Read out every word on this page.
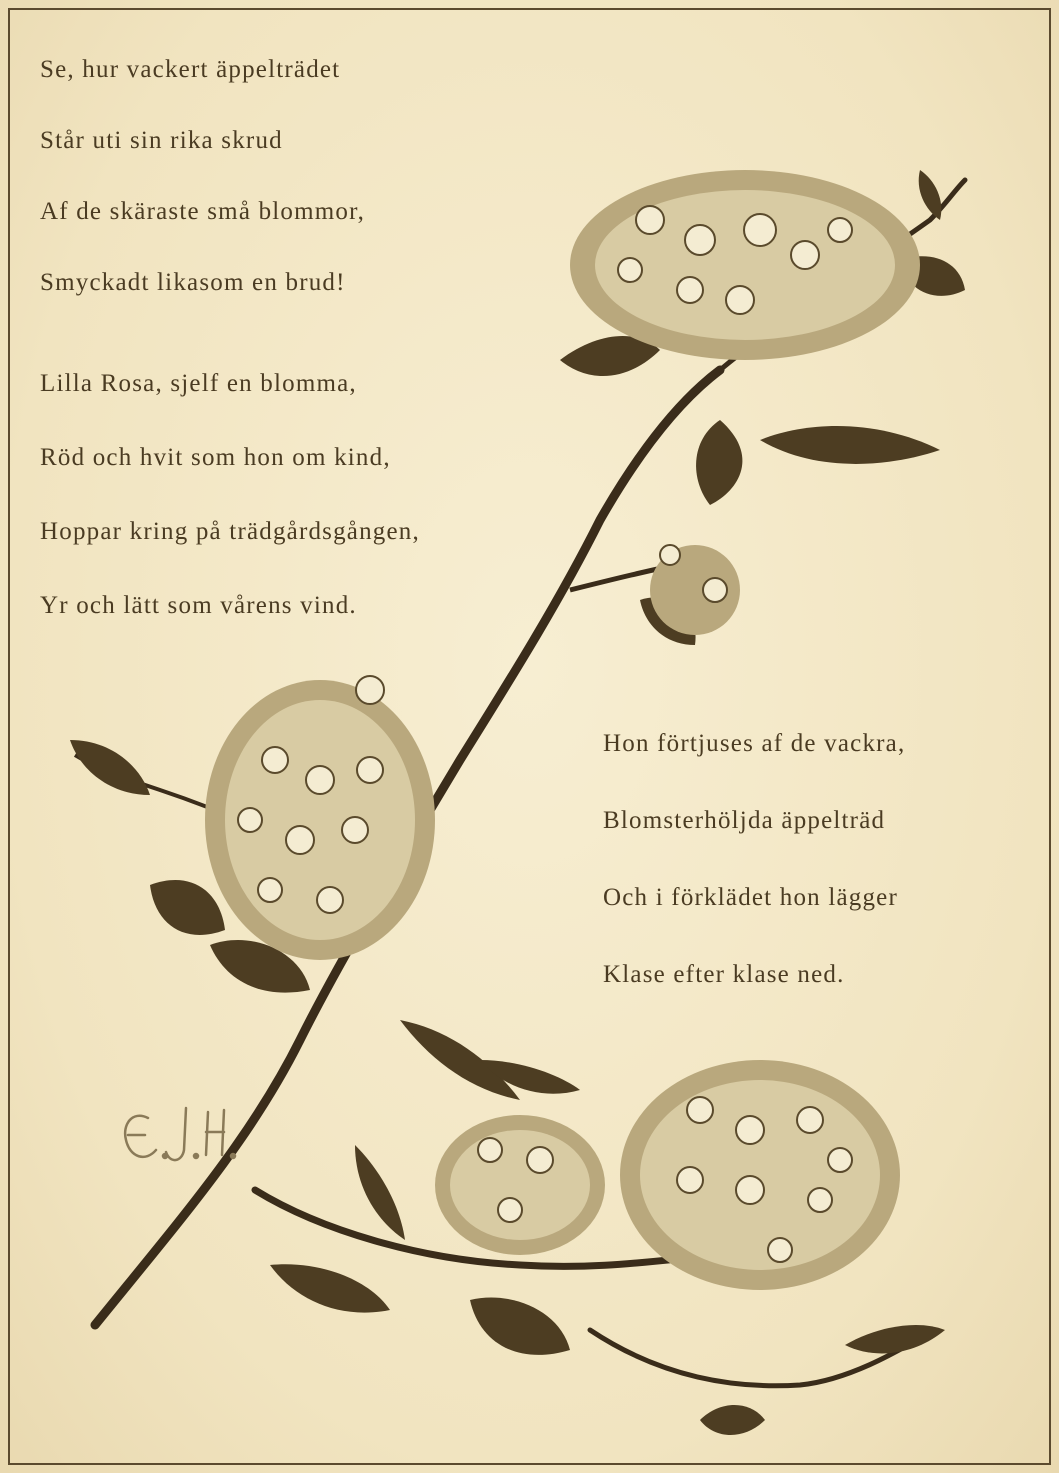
Se, hur vackert äppelträdet
Står uti sin rika skrud
Af de skäraste små blommor,
Smyckadt likasom en brud!
Lilla Rosa, sjelf en blomma,
Röd och hvit som hon om kind,
Hoppar kring på trädgårdsgången,
Yr och lätt som vårens vind.
Hon förtjuses af de vackra,
Blomsterhöljda äppelträd
Och i förklädet hon lägger
Klase efter klase ned.
